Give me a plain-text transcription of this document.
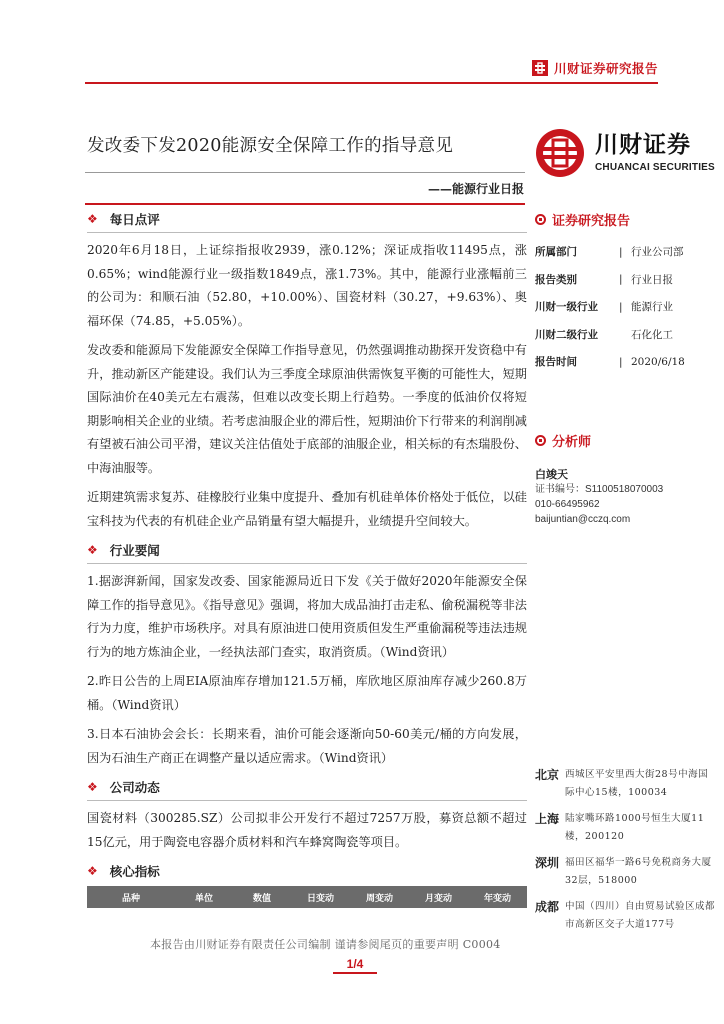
川财证券研究报告
发改委下发2020能源安全保障工作的指导意见
——能源行业日报
川财证券
CHUANCAI SECURITIES
❖ 每日点评

2020年6月18日，上证综指报收2939，涨0.12%；深证成指收11495点，涨0.65%；wind能源行业一级指数1849点，涨1.73%。其中，能源行业涨幅前三的公司为：和顺石油（52.80，+10.00%）、国瓷材料（30.27，+9.63%）、奥福环保（74.85，+5.05%）。

发改委和能源局下发能源安全保障工作指导意见，仍然强调推动勘探开发资稳中有升，推动新区产能建设。我们认为三季度全球原油供需恢复平衡的可能性大，短期国际油价在40美元左右震荡，但难以改变长期上行趋势。一季度的低油价仅将短期影响相关企业的业绩。若考虑油服企业的滞后性，短期油价下行带来的利润削减有望被石油公司平滑，建议关注估值处于底部的油服企业，相关标的有杰瑞股份、中海油服等。

近期建筑需求复苏、硅橡胶行业集中度提升、叠加有机硅单体价格处于低位，以硅宝科技为代表的有机硅企业产品销量有望大幅提升，业绩提升空间较大。

❖ 行业要闻

1.据澎湃新闻，国家发改委、国家能源局近日下发《关于做好2020年能源安全保障工作的指导意见》。《指导意见》强调，将加大成品油打击走私、偷税漏税等非法行为力度，维护市场秩序。对具有原油进口使用资质但发生严重偷漏税等违法违规行为的地方炼油企业，一经执法部门查实，取消资质。（Wind资讯）

2.昨日公告的上周EIA原油库存增加121.5万桶，库欣地区原油库存减少260.8万桶。（Wind资讯）

3.日本石油协会会长：长期来看，油价可能会逐渐向50-60美元/桶的方向发展，因为石油生产商正在调整产量以适应需求。（Wind资讯）

❖ 公司动态

国瓷材料（300285.SZ）公司拟非公开发行不超过7257万股，募资总额不超过15亿元，用于陶瓷电容器介质材料和汽车蜂窝陶瓷等项目。

❖ 核心指标
品种	单位	数值	日变动	周变动	月变动	年变动
证券研究报告
所属部门	| 行业公司部
报告类别	| 行业日报
川财一级行业	| 能源行业
川财二级行业	石化化工
报告时间	| 2020/6/18
分析师
白竣天
证书编号：S1100518070003
010-66495962
baijuntian@cczq.com
北京 西城区平安里西大街28号中海国际中心15楼，100034
上海 陆家嘴环路1000号恒生大厦11楼，200120
深圳 福田区福华一路6号免税商务大厦32层，518000
成都 中国（四川）自由贸易试验区成都市高新区交子大道177号
本报告由川财证券有限责任公司编制 谨请参阅尾页的重要声明 C0004
1/4
